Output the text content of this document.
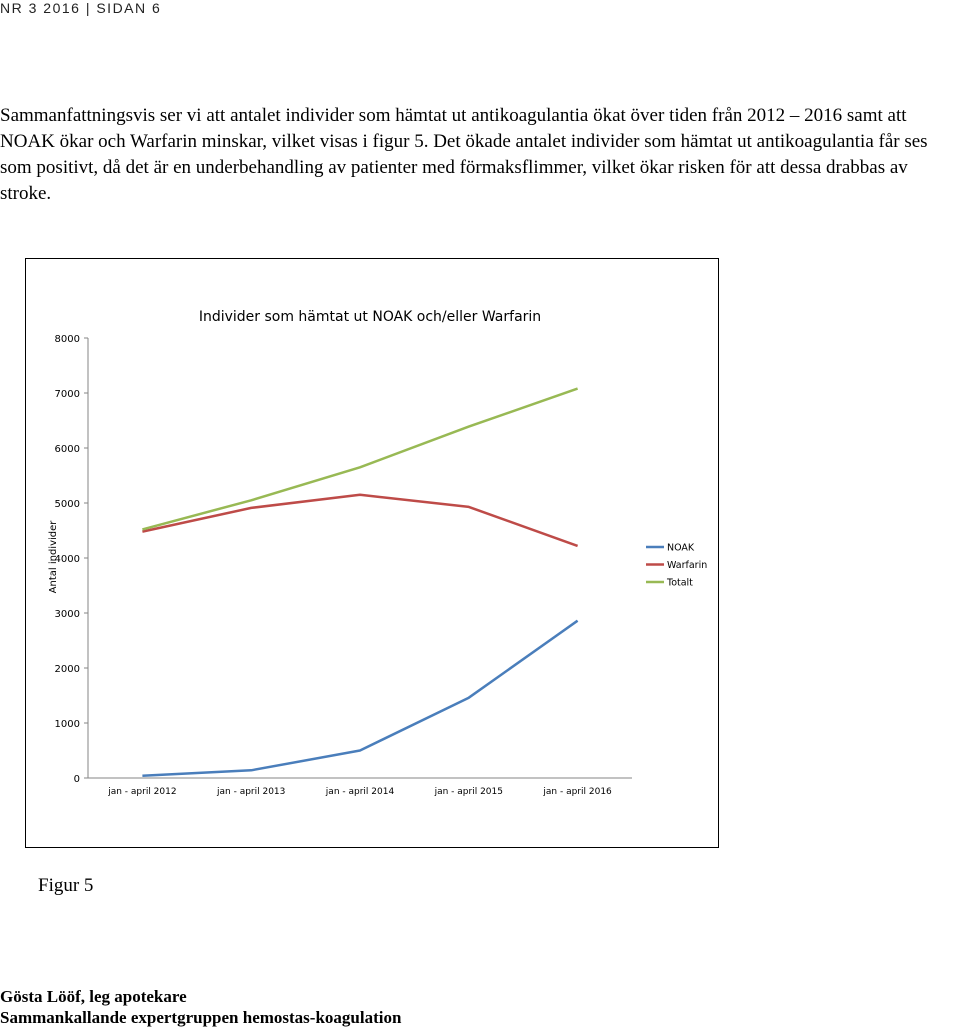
NR 3 2016 | SIDAN 6

Sammanfattningsvis ser vi att antalet individer som hämtat ut antikoagulantia ökat över tiden från 2012 – 2016 samt att NOAK ökar och Warfarin minskar, vilket visas i figur 5. Det ökade antalet individer som hämtat ut antikoagulantia får ses som positivt, då det är en underbehandling av patienter med förmaksflimmer, vilket ökar risken för att dessa drabbas av stroke.

Individer som hämtat ut NOAK och/eller Warfarin
0
1000
2000
3000
4000
5000
6000
7000
8000
jan - april 2012	jan - april 2013	jan - april 2014	jan - april 2015	jan - april 2016
Antal individer	NOAK
Warfarin
Totalt
Figur 5
Gösta Lööf, leg apotekare
Sammankallande expertgruppen hemostas-koagulation
